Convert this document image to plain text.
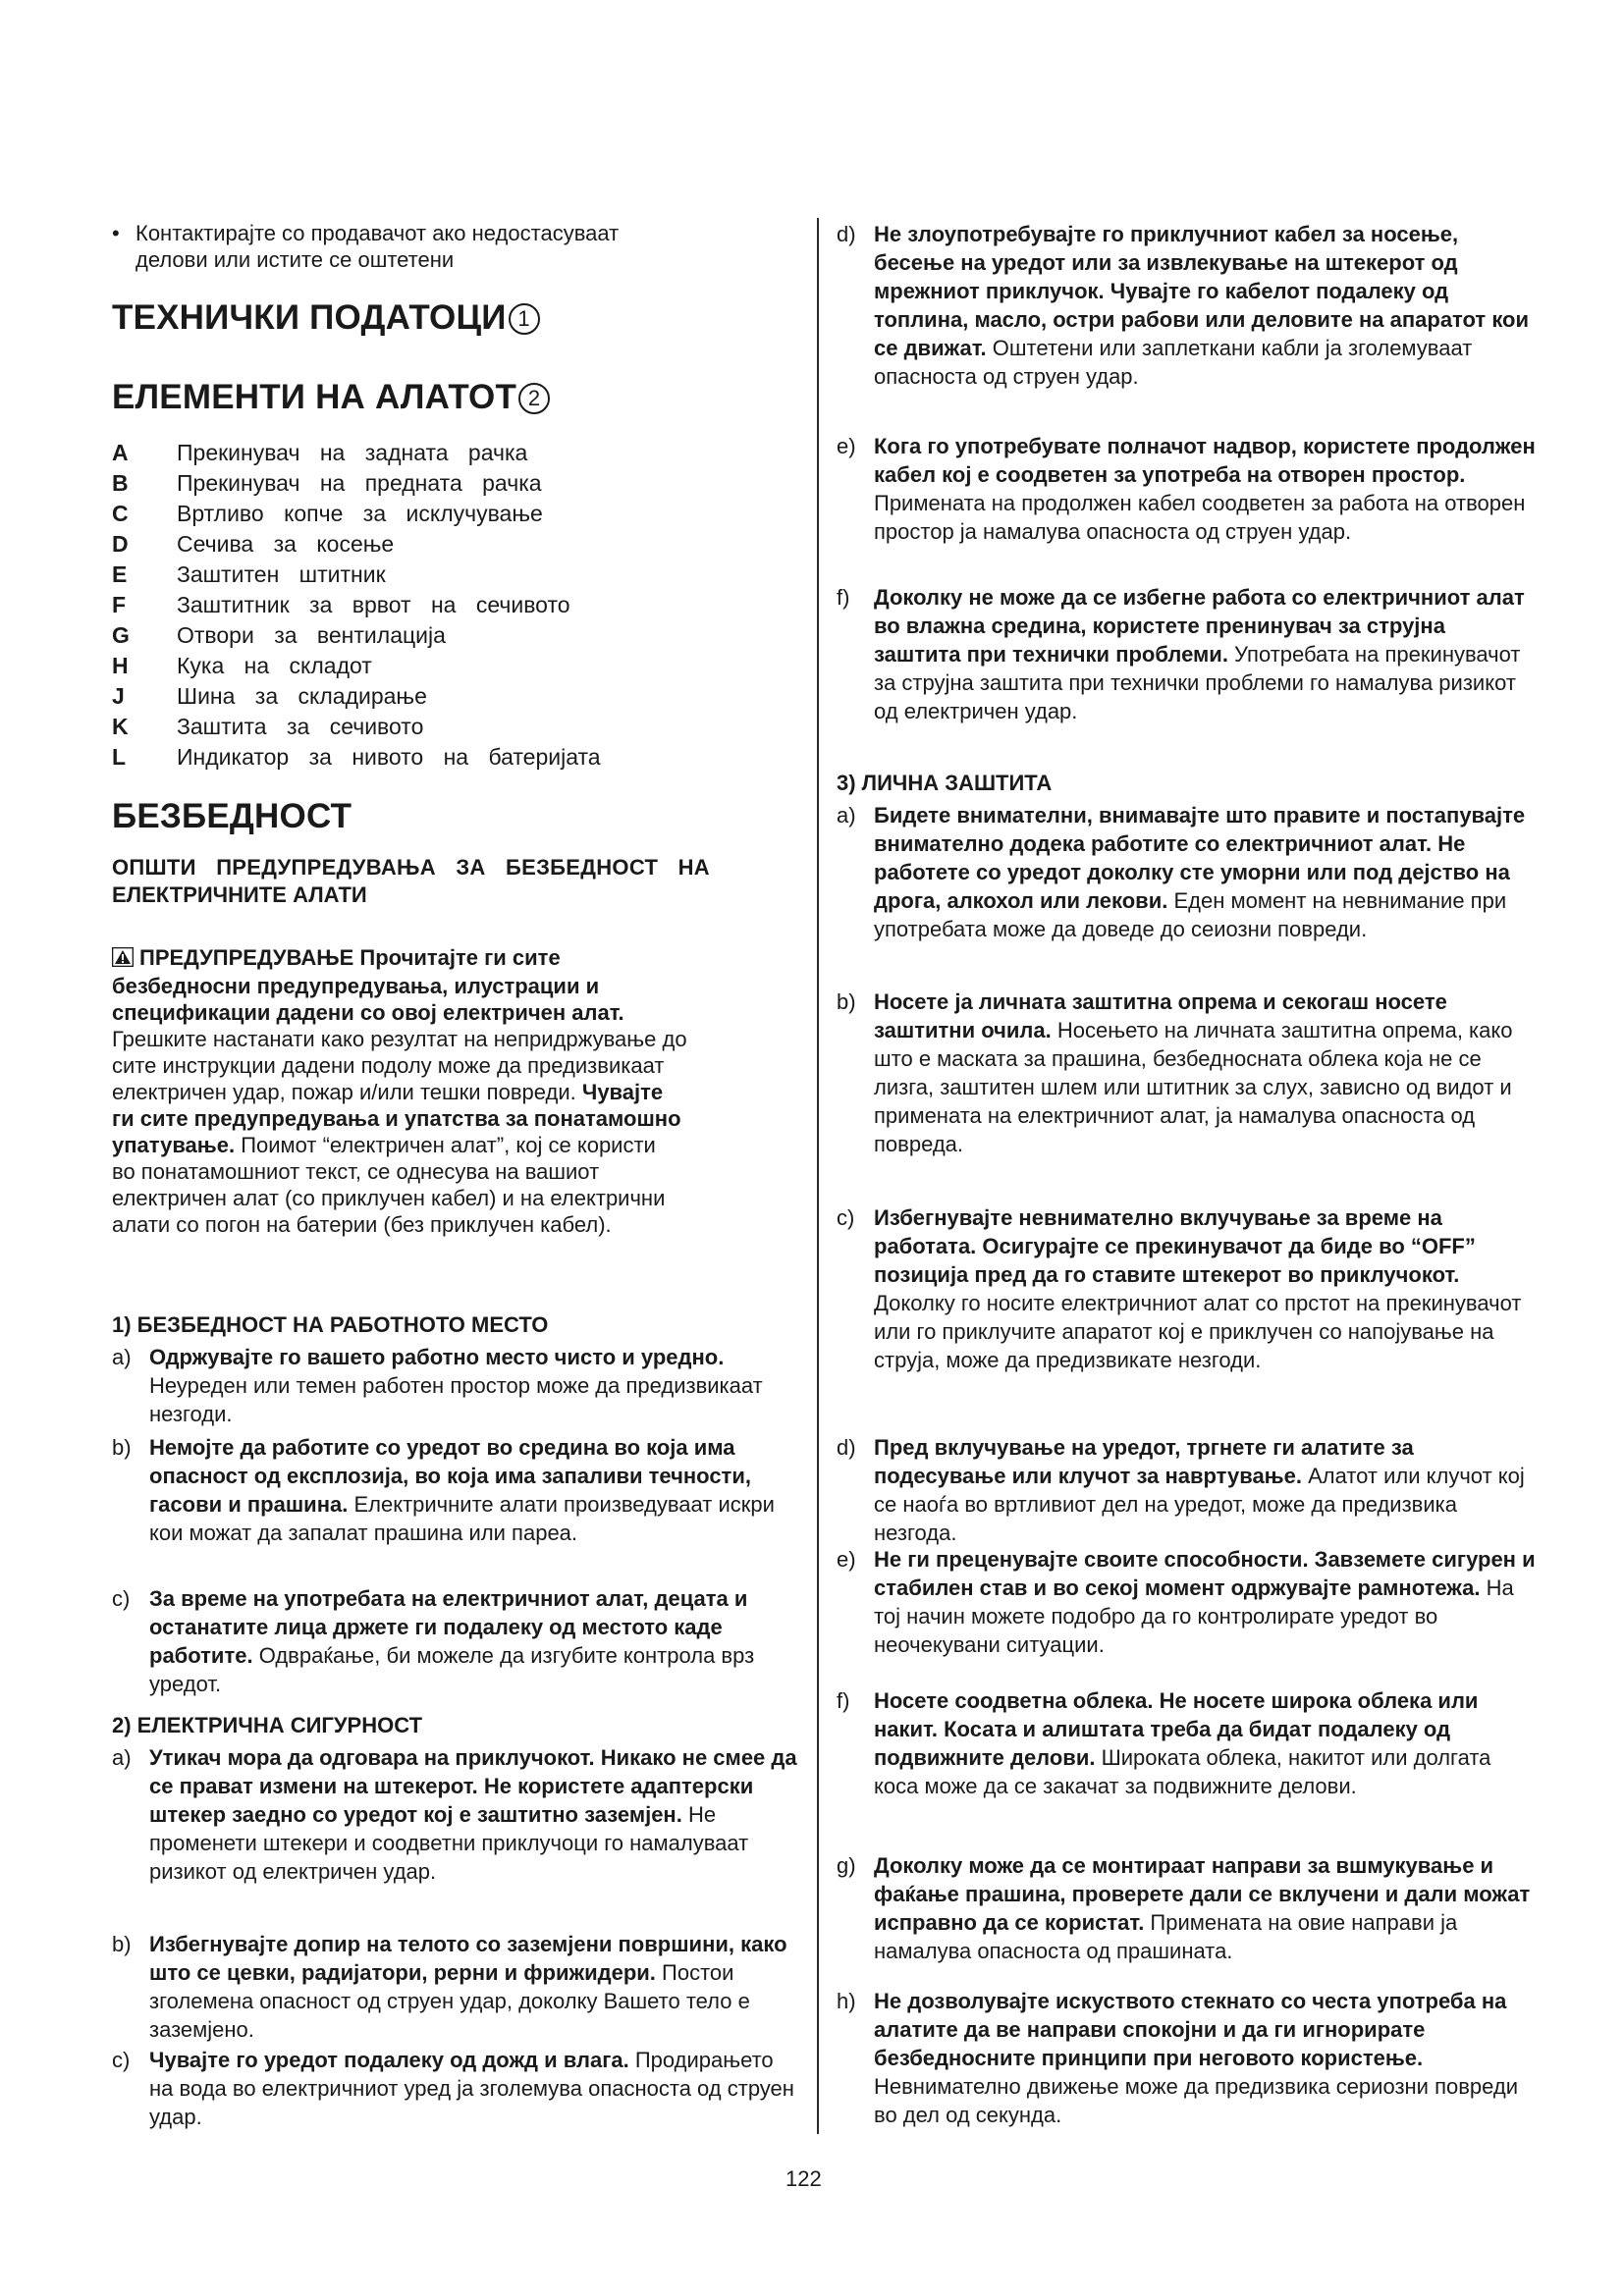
• Контактирајте со продавачот ако недостасуваат
делови или истите се оштетени
ТЕХНИЧКИ ПОДАТОЦИ 1
ЕЛЕМЕНТИ НА АЛАТОТ 2
A Прекинувач на задната рачка
B Прекинувач на предната рачка
C Вртливо копче за исклучување
D Сечива за косење
E Заштитен штитник
F Заштитник за врвот на сечивото
G Отвори за вентилација
H Кука на складот
J Шина за складирање
K Заштита за сечивото
L Индикатор за нивото на батеријата
БЕЗБЕДНОСТ
ОПШТИ ПРЕДУПРЕДУВАЊА ЗА БЕЗБЕДНОСТ НА
ЕЛЕКТРИЧНИТЕ АЛАТИ
ПРЕДУПРЕДУВАЊЕ Прочитајте ги сите
безбедносни предупредувања, илустрации и
спецификации дадени со овој електричен алат.
Грешките настанати како резултат на непридржување до
сите инструкции дадени подолу може да предизвикаат
електричен удар, пожар и/или тешки повреди. Чувајте
ги сите предупредувања и упатства за понатамошно
упатување. Поимот “електричен алат”, кој се користи
во понатамошниот текст, се однесува на вашиот
електричен алат (со приклучен кабел) и на електрични
алати со погон на батерии (без приклучен кабел).
1) БЕЗБЕДНОСТ НА РАБОТНОТО МЕСТО
a) Одржувајте го вашето работно место чисто и уредно. Неуреден или темен работен простор може да предизвикаат незгоди.
b) Немојте да работите со уредот во средина во која има опасност од експлозија, во која има запаливи течности, гасови и прашина. Електричните алати произведуваат искри кои можат да запалат прашина или пареа.
c) За време на употребата на електричниот алат, децата и останатите лица држете ги подалеку од местото каде работите. Одвраќање, би можеле да изгубите контрола врз уредот.
2) ЕЛЕКТРИЧНА СИГУРНОСТ
a) Утикач мора да одговара на приклучокот. Никако не смее да се прават измени на штекерот. Не користете адаптерски штекер заедно со уредот кој е заштитно заземјен. Не променети штекери и соодветни приклучоци го намалуваат ризикот од електричен удар.
b) Избегнувајте допир на телото со заземјени површини, како што се цевки, радијатори, рерни и фрижидери. Постои зголемена опасност од струен удар, доколку Вашето тело е заземјено.
c) Чувајте го уредот подалеку од дожд и влага. Продирањето на вода во електричниот уред ја зголемува опасноста од струен удар.
d) Не злоупотребувајте го приклучниот кабел за носење, бесење на уредот или за извлекување на штекерот од мрежниот приклучок. Чувајте го кабелот подалеку од топлина, масло, остри рабови или деловите на апаратот кои се движат. Оштетени или заплеткани кабли ја зголемуваат опасноста од струен удар.
e) Кога го употребувате полначот надвор, користете продолжен кабел кој е соодветен за употреба на отворен простор. Примената на продолжен кабел соодветен за работа на отворен простор ја намалува опасноста од струен удар.
f)	Доколку не може да се избегне работа со електричниот алат во влажна средина, користете пренинувач за струјна заштита при технички проблеми. Употребата на прекинувачот за струјна заштита при технички проблеми го намалува ризикот од електричен удар.
3) ЛИЧНА ЗАШТИТА
a) Бидете внимателни, внимавајте што правите и постапувајте внимателно додека работите со електричниот алат. Не работете со уредот доколку сте уморни или под дејство на дрога, алкохол или лекови. Еден момент на невнимание при употребата може да доведе до сеиозни повреди.
b) Носете ја личната заштитна опрема и секогаш носете заштитни очила. Носењето на личната заштитна опрема, како што е маската за прашина, безбедносната облека која не се лизга, заштитен шлем или штитник за слух, зависно од видот и примената на електричниот алат, ја намалува опасноста од повреда.
c) Избегнувајте невнимателно вклучување за време на работата. Осигурајте се прекинувачот да биде во “OFF” позиција пред да го ставите штекерот во приклучокот. Доколку го носите електричниот алат со прстот на прекинувачот или го приклучите апаратот кој е приклучен со напојување на струја, може да предизвикате незгоди.
d) Пред вклучување на уредот, тргнете ги алатите за подесување или клучот за навртување. Алатот или клучот кој се наоѓа во вртливиот дел на уредот, може да предизвика незгода.
e) Не ги преценувајте своите способности. Завземете сигурен и стабилен став и во секој момент одржувајте рамнотежа. На тој начин можете подобро да го контролирате уредот во неочекувани ситуации.
f)	Носете соодветна облека. Не носете широка облека или накит. Косата и алиштата треба да бидат подалеку од подвижните делови. Широката облека, накитот или долгата коса може да се закачат за подвижните делови.
g) Доколку може да се монтираат направи за вшмукување и фаќање прашина, проверете дали се вклучени и дали можат исправно да се користат. Примената на овие направи ја намалува опасноста од прашината.
h) Не дозволувајте искуството стекнато со честа употреба на алатите да ве направи спокојни и да ги игнорирате безбедносните принципи при неговото користење. Невнимателно движење може да предизвика сериозни повреди во дел од секунда.
122
